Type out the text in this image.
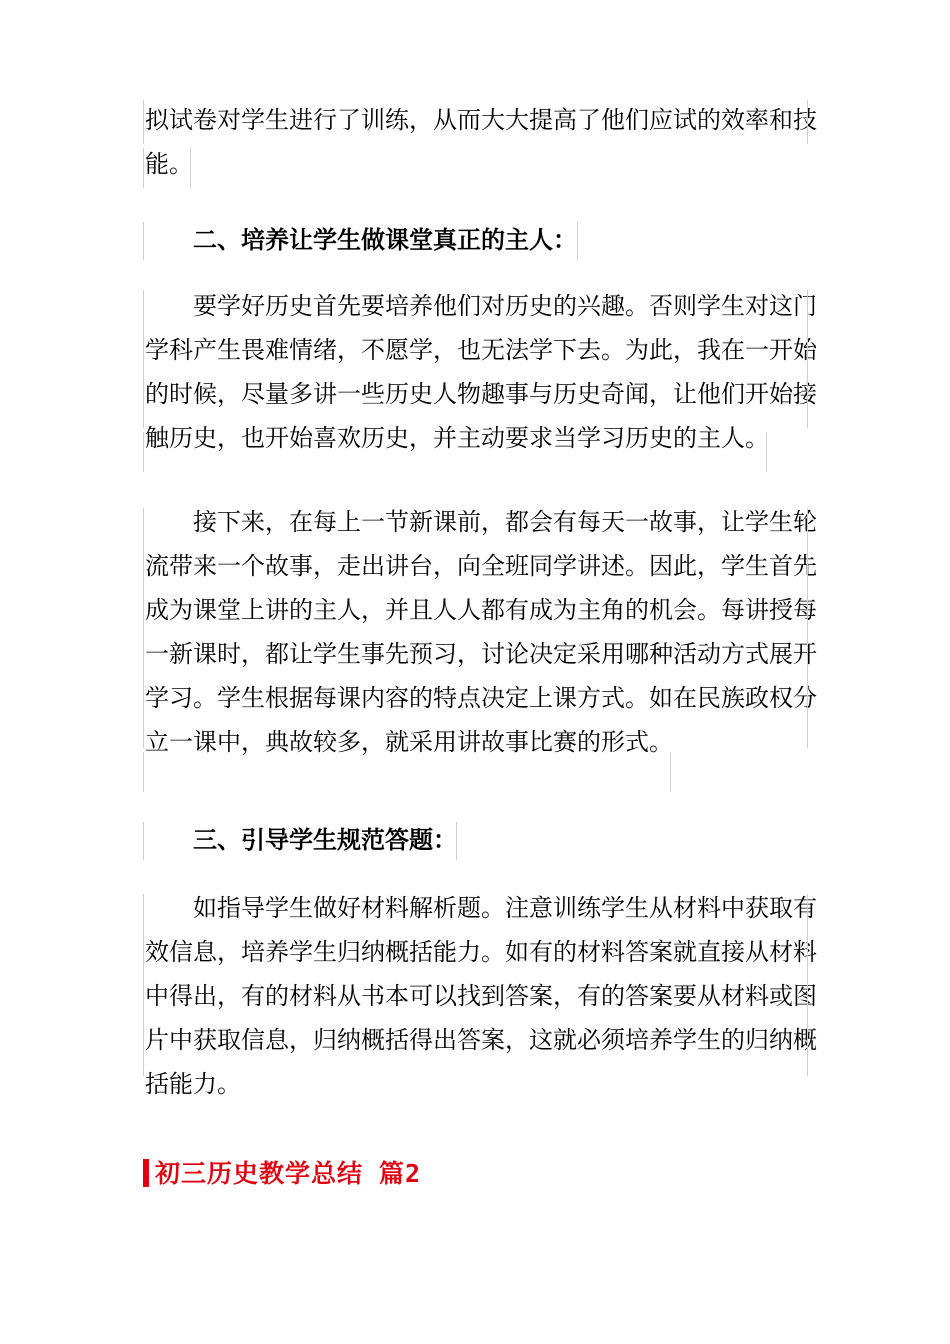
拟试卷对学生进行了训练，从而大大提高了他们应试的效率和技
能。
二、培养让学生做课堂真正的主人：
要学好历史首先要培养他们对历史的兴趣。否则学生对这门
学科产生畏难情绪，不愿学，也无法学下去。为此，我在一开始
的时候，尽量多讲一些历史人物趣事与历史奇闻，让他们开始接
触历史，也开始喜欢历史，并主动要求当学习历史的主人。
接下来，在每上一节新课前，都会有每天一故事，让学生轮
流带来一个故事，走出讲台，向全班同学讲述。因此，学生首先
成为课堂上讲的主人，并且人人都有成为主角的机会。每讲授每
一新课时，都让学生事先预习，讨论决定采用哪种活动方式展开
学习。学生根据每课内容的特点决定上课方式。如在民族政权分
立一课中，典故较多，就采用讲故事比赛的形式。
三、引导学生规范答题：
如指导学生做好材料解析题。注意训练学生从材料中获取有
效信息，培养学生归纳概括能力。如有的材料答案就直接从材料
中得出，有的材料从书本可以找到答案，有的答案要从材料或图
片中获取信息，归纳概括得出答案，这就必须培养学生的归纳概
括能力。
初三历史教学总结 篇2
